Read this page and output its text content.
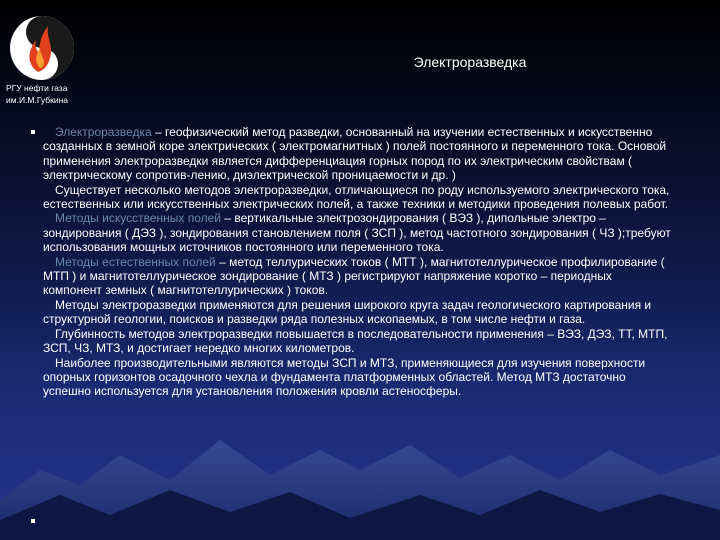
РГУ нефти газа
им.И.М.Губкина
Электроразведка

Электроразведка – геофизический метод разведки, основанный на изучении естественных и искусственно созданных в земной коре электрических ( электромагнитных ) полей постоянного и переменного тока. Основой применения электроразведки является дифференциация горных пород по их электрическим свойствам ( электрическому сопротив-лению, диэлектрической проницаемости и др. )

Существует несколько методов электроразведки, отличающиеся по роду используемого электрического тока, естественных или искусственных электрических полей, а также техники и методики проведения полевых работ.

Методы искусственных полей – вертикальные электрозондирования ( ВЭЗ ), дипольные электро –зондирования ( ДЭЗ ), зондирования становлением поля ( ЗСП ), метод частотного зондирования ( ЧЗ );требуют использования мощных источников постоянного или переменного тока.

Методы естественных полей – метод теллурических токов ( МТТ ), магнитотеллурическое профилирование ( МТП ) и магнитотеллурическое зондирование ( МТЗ ) регистрируют напряжение коротко – периодных компонент земных ( магнитотеллурических ) токов.

Методы электроразведки применяются для решения широкого круга задач геологического картирования и структурной геологии, поисков и разведки ряда полезных ископаемых, в том числе нефти и газа.

Глубинность методов электроразведки повышается в последовательности применения – ВЭЗ, ДЭЗ, ТТ, МТП, ЗСП, ЧЗ, МТЗ, и достигает нередко многих километров.

Наиболее производительными являются методы ЗСП и МТЗ, применяющиеся для изучения поверхности опорных горизонтов осадочного чехла и фундамента платформенных областей. Метод МТЗ достаточно успешно используется для установления положения кровли астеносферы.
